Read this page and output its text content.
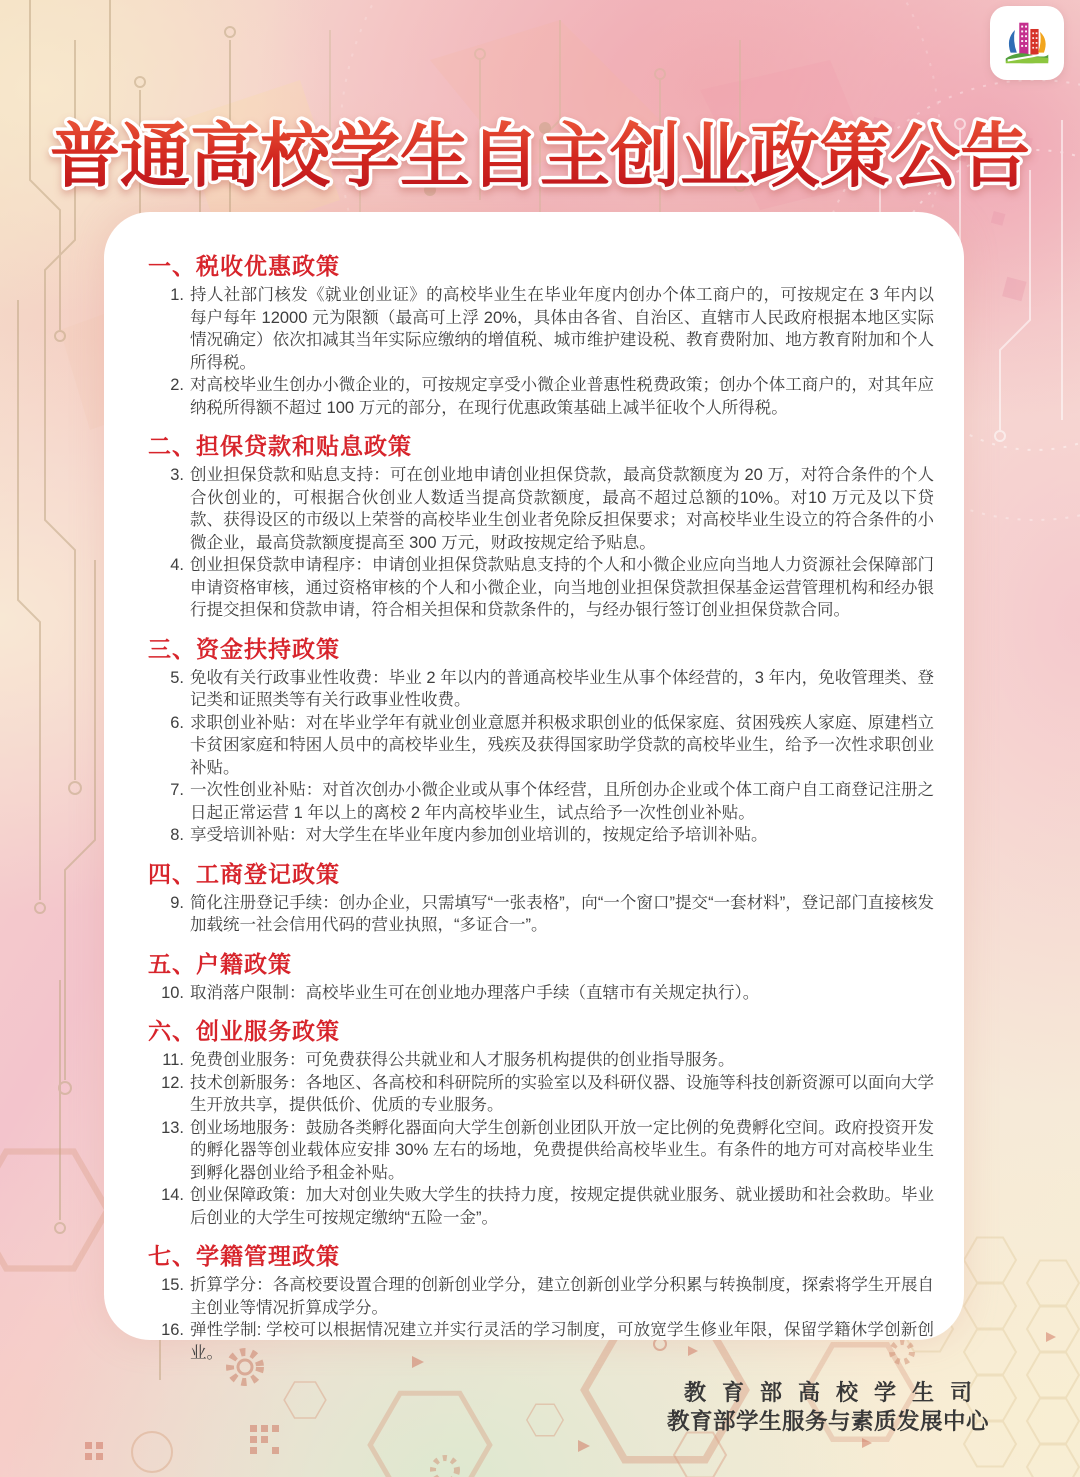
普通高校学生自主创业政策公告
一、税收优惠政策
1. 持人社部门核发《就业创业证》的高校毕业生在毕业年度内创办个体工商户的，可按规定在 3 年内以每户每年 12000 元为限额（最高可上浮 20%，具体由各省、自治区、直辖市人民政府根据本地区实际情况确定）依次扣减其当年实际应缴纳的增值税、城市维护建设税、教育费附加、地方教育附加和个人所得税。
2. 对高校毕业生创办小微企业的，可按规定享受小微企业普惠性税费政策；创办个体工商户的，对其年应纳税所得额不超过 100 万元的部分，在现行优惠政策基础上减半征收个人所得税。
二、担保贷款和贴息政策
3. 创业担保贷款和贴息支持：可在创业地申请创业担保贷款，最高贷款额度为 20 万，对符合条件的个人合伙创业的，可根据合伙创业人数适当提高贷款额度，最高不超过总额的10%。对10 万元及以下贷款、获得设区的市级以上荣誉的高校毕业生创业者免除反担保要求；对高校毕业生设立的符合条件的小微企业，最高贷款额度提高至 300 万元，财政按规定给予贴息。
4. 创业担保贷款申请程序：申请创业担保贷款贴息支持的个人和小微企业应向当地人力资源社会保障部门申请资格审核，通过资格审核的个人和小微企业，向当地创业担保贷款担保基金运营管理机构和经办银行提交担保和贷款申请，符合相关担保和贷款条件的，与经办银行签订创业担保贷款合同。
三、资金扶持政策
5. 免收有关行政事业性收费：毕业 2 年以内的普通高校毕业生从事个体经营的，3 年内，免收管理类、登记类和证照类等有关行政事业性收费。
6. 求职创业补贴：对在毕业学年有就业创业意愿并积极求职创业的低保家庭、贫困残疾人家庭、原建档立卡贫困家庭和特困人员中的高校毕业生，残疾及获得国家助学贷款的高校毕业生，给予一次性求职创业补贴。
7. 一次性创业补贴：对首次创办小微企业或从事个体经营，且所创办企业或个体工商户自工商登记注册之日起正常运营 1 年以上的离校 2 年内高校毕业生，试点给予一次性创业补贴。
8. 享受培训补贴：对大学生在毕业年度内参加创业培训的，按规定给予培训补贴。
四、工商登记政策
9. 简化注册登记手续：创办企业，只需填写“一张表格”，向“一个窗口”提交“一套材料”，登记部门直接核发加载统一社会信用代码的营业执照，“多证合一”。
五、户籍政策
10. 取消落户限制：高校毕业生可在创业地办理落户手续（直辖市有关规定执行）。
六、创业服务政策
11. 免费创业服务：可免费获得公共就业和人才服务机构提供的创业指导服务。
12. 技术创新服务：各地区、各高校和科研院所的实验室以及科研仪器、设施等科技创新资源可以面向大学生开放共享，提供低价、优质的专业服务。
13. 创业场地服务：鼓励各类孵化器面向大学生创新创业团队开放一定比例的免费孵化空间。政府投资开发的孵化器等创业载体应安排 30% 左右的场地，免费提供给高校毕业生。有条件的地方可对高校毕业生到孵化器创业给予租金补贴。
14. 创业保障政策：加大对创业失败大学生的扶持力度，按规定提供就业服务、就业援助和社会救助。毕业后创业的大学生可按规定缴纳“五险一金”。
七、学籍管理政策
15. 折算学分：各高校要设置合理的创新创业学分，建立创新创业学分积累与转换制度，探索将学生开展自主创业等情况折算成学分。
16. 弹性学制: 学校可以根据情况建立并实行灵活的学习制度，可放宽学生修业年限，保留学籍休学创新创业。
教育部高校学生司
教育部学生服务与素质发展中心
